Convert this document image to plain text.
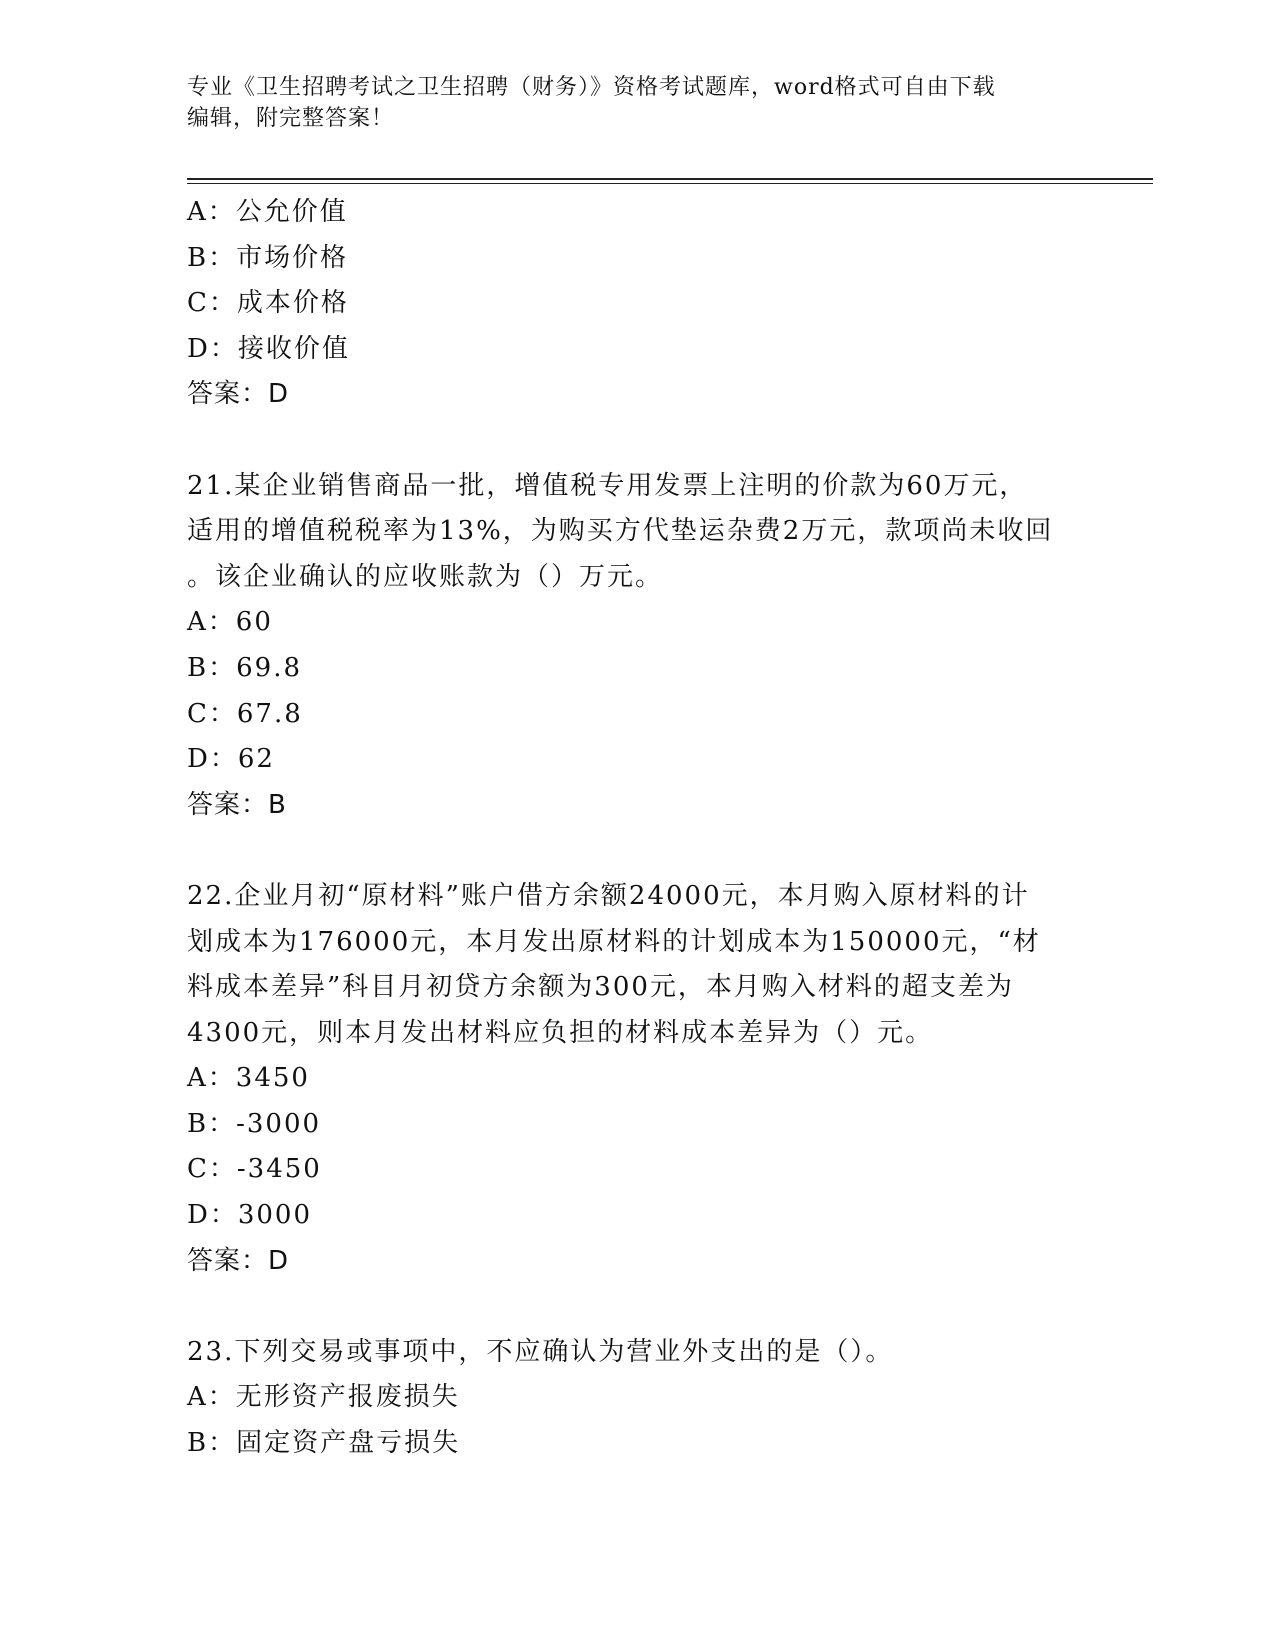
专业《卫生招聘考试之卫生招聘（财务）》资格考试题库，word格式可自由下载
编辑，附完整答案！
A：公允价值
B：市场价格
C：成本价格
D：接收价值
答案：D
21.某企业销售商品一批，增值税专用发票上注明的价款为60万元，
适用的增值税税率为13%，为购买方代垫运杂费2万元，款项尚未收回
。该企业确认的应收账款为（）万元。
A：60
B：69.8
C：67.8
D：62
答案：B
22.企业月初“原材料”账户借方余额24000元，本月购入原材料的计
划成本为176000元，本月发出原材料的计划成本为150000元，“材
料成本差异”科目月初贷方余额为300元，本月购入材料的超支差为
4300元，则本月发出材料应负担的材料成本差异为（）元。
A：3450
B：-3000
C：-3450
D：3000
答案：D
23.下列交易或事项中，不应确认为营业外支出的是（）。
A：无形资产报废损失
B：固定资产盘亏损失
